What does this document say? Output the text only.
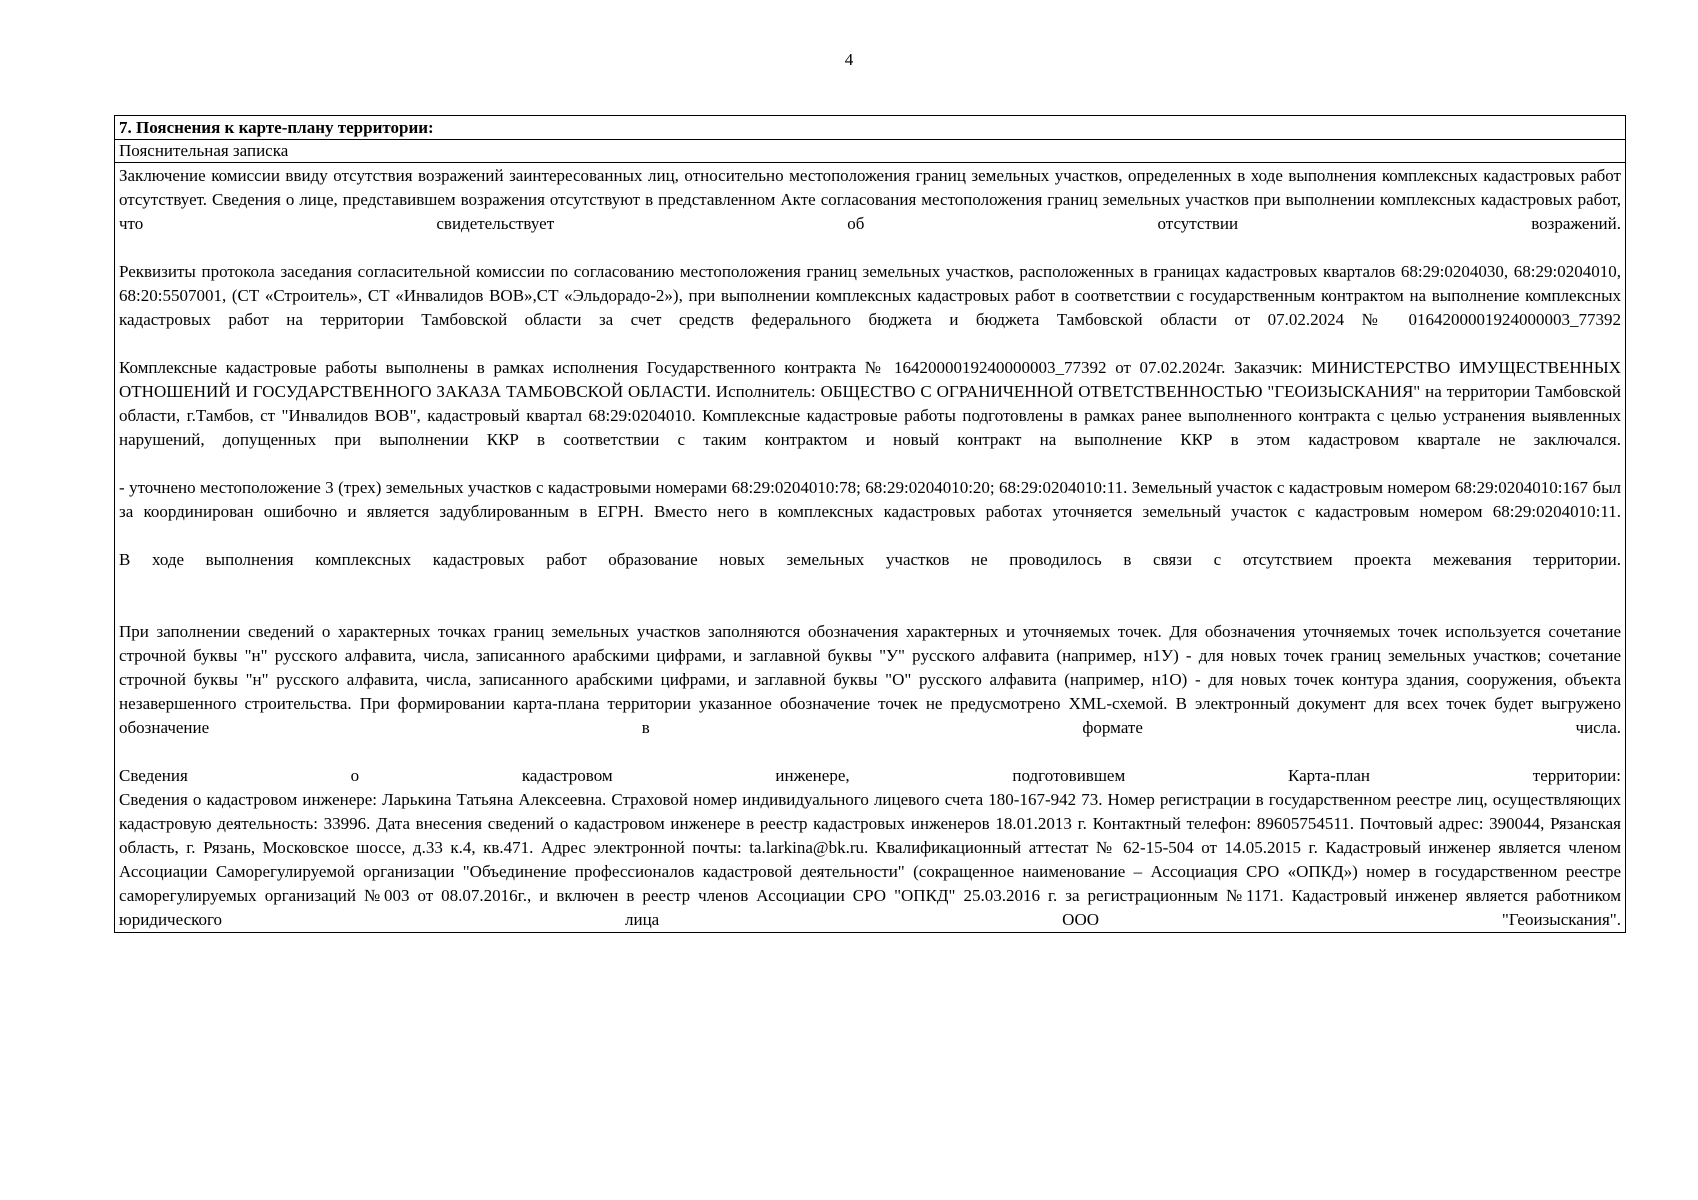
4
7. Пояснения к карте-плану территории:
Пояснительная записка

Заключение комиссии ввиду отсутствия возражений заинтересованных лиц, относительно местоположения границ земельных участков, определенных в ходе выполнения комплексных кадастровых работ отсутствует. Сведения о лице, представившем возражения отсутствуют в представленном Акте согласования местоположения границ земельных участков при выполнении комплексных кадастровых работ, что свидетельствует об отсутствии возражений.

Реквизиты протокола заседания согласительной комиссии по согласованию местоположения границ земельных участков, расположенных в границах кадастровых кварталов 68:29:0204030, 68:29:0204010, 68:20:5507001, (СТ «Строитель», СТ «Инвалидов ВОВ»,СТ «Эльдорадо-2»), при выполнении комплексных кадастровых работ в соответствии с государственным контрактом на выполнение комплексных кадастровых работ на территории Тамбовской области за счет средств федерального бюджета и бюджета Тамбовской области от 07.02.2024 № 0164200001924000003_77392

Комплексные кадастровые работы выполнены в рамках исполнения Государственного контракта № 1642000019240000003_77392 от 07.02.2024г. Заказчик: МИНИСТЕРСТВО ИМУЩЕСТВЕННЫХ ОТНОШЕНИЙ И ГОСУДАРСТВЕННОГО ЗАКАЗА ТАМБОВСКОЙ ОБЛАСТИ. Исполнитель: ОБЩЕСТВО С ОГРАНИЧЕННОЙ ОТВЕТСТВЕННОСТЬЮ "ГЕОИЗЫСКАНИЯ" на территории Тамбовской области, г.Тамбов, ст "Инвалидов ВОВ", кадастровый квартал 68:29:0204010. Комплексные кадастровые работы подготовлены в рамках ранее выполненного контракта с целью устранения выявленных нарушений, допущенных при выполнении ККР в соответствии с таким контрактом и новый контракт на выполнение ККР в этом кадастровом квартале не заключался.

- уточнено местоположение 3 (трех) земельных участков с кадастровыми номерами 68:29:0204010:78; 68:29:0204010:20; 68:29:0204010:11. Земельный участок с кадастровым номером 68:29:0204010:167 был за координирован ошибочно и является задублированным в ЕГРН. Вместо него в комплексных кадастровых работах уточняется земельный участок с кадастровым номером 68:29:0204010:11.

В ходе выполнения комплексных кадастровых работ образование новых земельных участков не проводилось в связи с отсутствием проекта межевания территории.

При заполнении сведений о характерных точках границ земельных участков заполняются обозначения характерных и уточняемых точек. Для обозначения уточняемых точек используется сочетание строчной буквы "н" русского алфавита, числа, записанного арабскими цифрами, и заглавной буквы "У" русского алфавита (например, н1У) - для новых точек границ земельных участков; сочетание строчной буквы "н" русского алфавита, числа, записанного арабскими цифрами, и заглавной буквы "О" русского алфавита (например, н1О) - для новых точек контура здания, сооружения, объекта незавершенного строительства. При формировании карта-плана территории указанное обозначение точек не предусмотрено XML-схемой. В электронный документ для всех точек будет выгружено обозначение в формате числа.

Сведения о кадастровом инженере, подготовившем Карта-план территории:

Сведения о кадастровом инженере: Ларькина Татьяна Алексеевна. Страховой номер индивидуального лицевого счета 180-167-942 73. Номер регистрации в государственном реестре лиц, осуществляющих кадастровую деятельность: 33996. Дата внесения сведений о кадастровом инженере в реестр кадастровых инженеров 18.01.2013 г. Контактный телефон: 89605754511. Почтовый адрес: 390044, Рязанская область, г. Рязань, Московское шоссе, д.33 к.4, кв.471. Адрес электронной почты: ta.larkina@bk.ru. Квалификационный аттестат № 62-15-504 от 14.05.2015 г. Кадастровый инженер является членом Ассоциации Саморегулируемой организации "Объединение профессионалов кадастровой деятельности" (сокращенное наименование – Ассоциация СРО «ОПКД») номер в государственном реестре саморегулируемых организаций №003 от 08.07.2016г., и включен в реестр членов Ассоциации СРО "ОПКД" 25.03.2016 г. за регистрационным №1171. Кадастровый инженер является работником юридического лица ООО "Геоизыскания".
